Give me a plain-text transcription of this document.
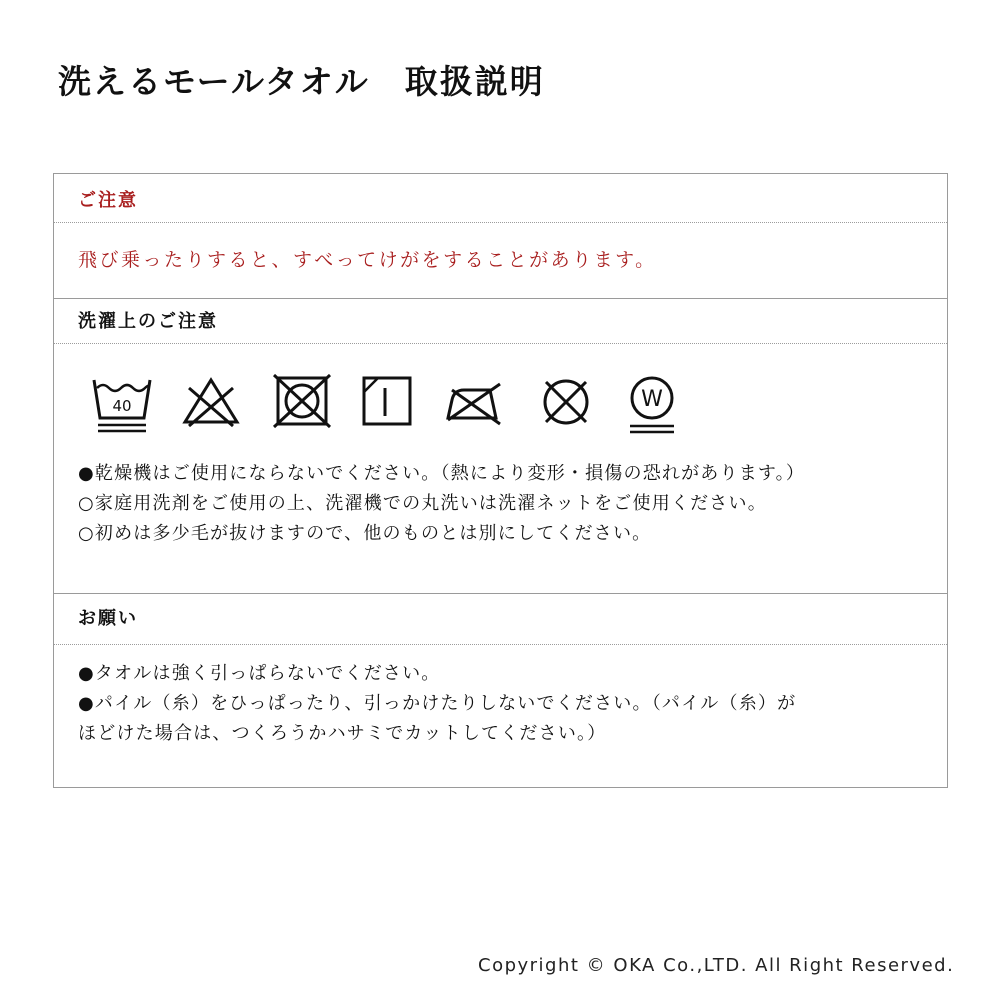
洗えるモールタオル　取扱説明
ご注意
飛び乗ったりすると、すべってけがをすることがあります。
洗濯上のご注意
40	W
●乾燥機はご使用にならないでください。（熱により変形・損傷の恐れがあります。）
○家庭用洗剤をご使用の上、洗濯機での丸洗いは洗濯ネットをご使用ください。
○初めは多少毛が抜けますので、他のものとは別にしてください。
お願い
●タオルは強く引っぱらないでください。
●パイル（糸）をひっぱったり、引っかけたりしないでください。（パイル（糸）が
ほどけた場合は、つくろうかハサミでカットしてください。）
Copyright © OKA Co.,LTD. All Right Reserved.
